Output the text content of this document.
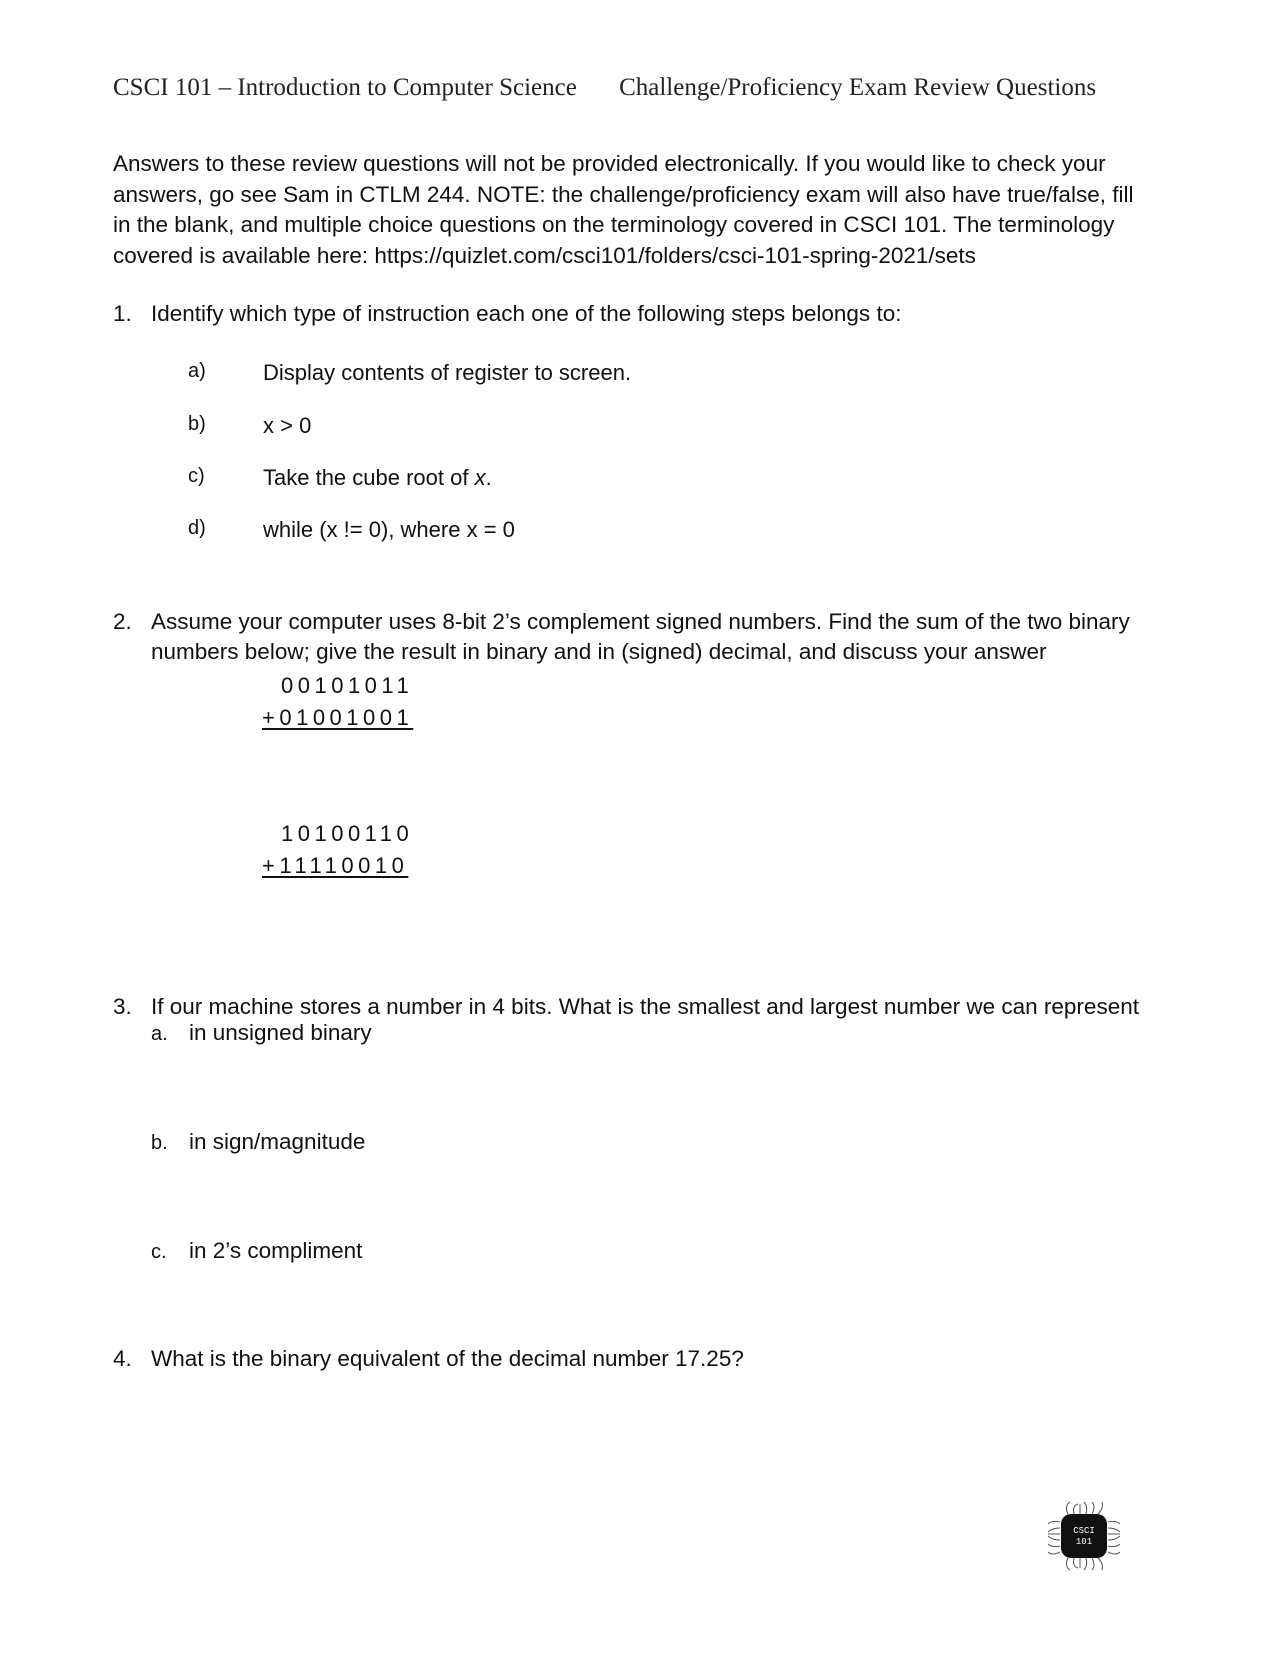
CSCI 101 – Introduction to Computer Science Challenge/Proficiency Exam Review Questions
Answers to these review questions will not be provided electronically. If you would like to check your
answers, go see Sam in CTLM 244. NOTE: the challenge/proficiency exam will also have true/false, fill
in the blank, and multiple choice questions on the terminology covered in CSCI 101. The terminology
covered is available here: https://quizlet.com/csci101/folders/csci-101-spring-2021/sets
1. Identify which type of instruction each one of the following steps belongs to:
a)	Display contents of register to screen.
b)	x > 0
c)	Take the cube root of x.
d)	while (x != 0), where x = 0
2. Assume your computer uses 8-bit 2’s complement signed numbers. Find the sum of the two binary
numbers below; give the result in binary and in (signed) decimal, and discuss your answer
00101011
+01001001
10100110
+11110010
3. If our machine stores a number in 4 bits. What is the smallest and largest number we can represent
a. in unsigned binary
b. in sign/magnitude
c. in 2’s compliment
4. What is the binary equivalent of the decimal number 17.25?
CSCI
101
